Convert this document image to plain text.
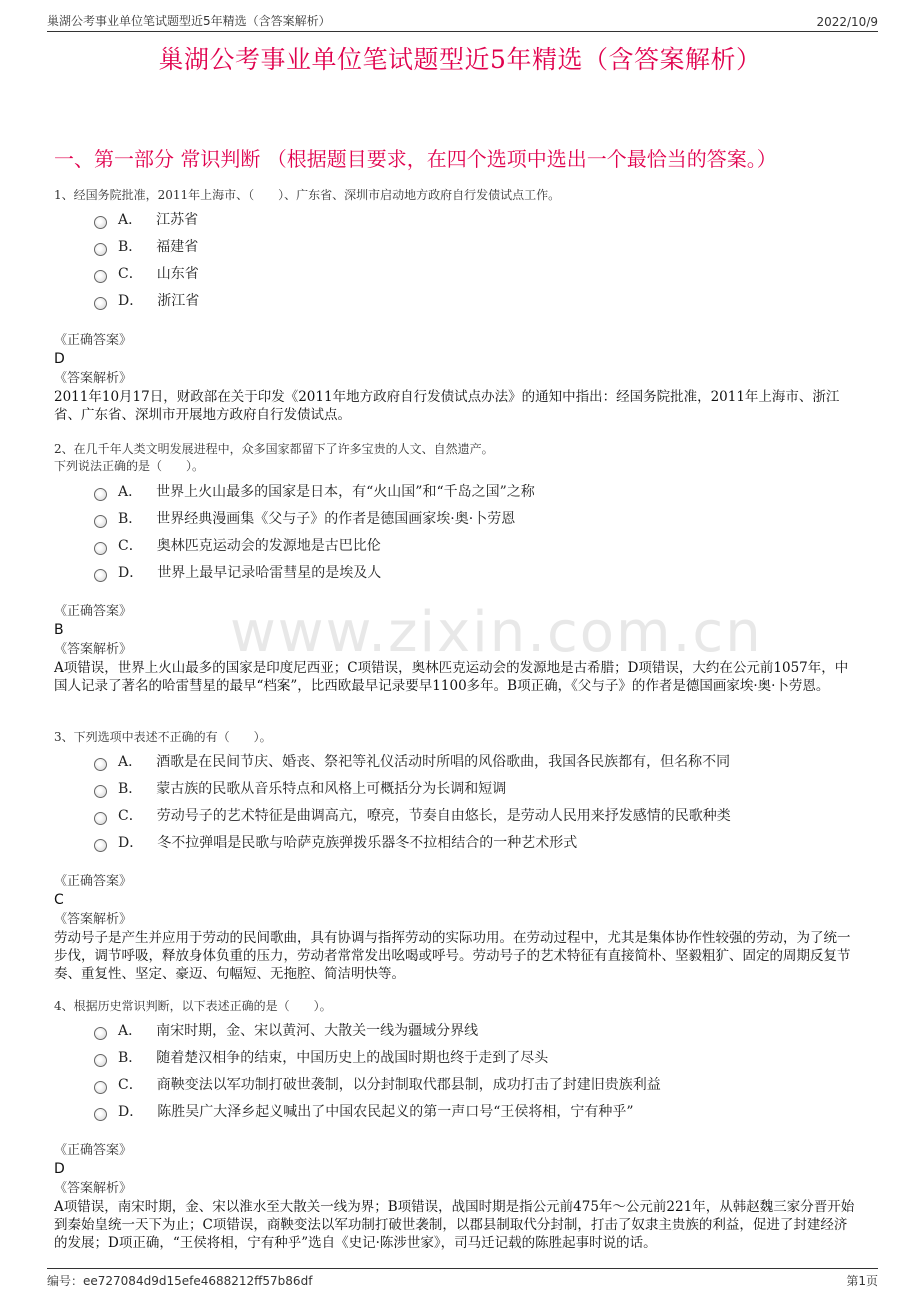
巢湖公考事业单位笔试题型近5年精选（含答案解析）	2022/10/9
巢湖公考事业单位笔试题型近5年精选（含答案解析）
一、第一部分 常识判断 （根据题目要求，在四个选项中选出一个最恰当的答案。）
www.zixin.com.cn
1、经国务院批准，2011年上海市、（　　）、广东省、深圳市启动地方政府自行发债试点工作。
A． 江苏省
B． 福建省
C． 山东省
D． 浙江省
《正确答案》
D
《答案解析》
2011年10月17日，财政部在关于印发《2011年地方政府自行发债试点办法》的通知中指出：经国务院批准，2011年上海市、浙江省、广东省、深圳市开展地方政府自行发债试点。
2、在几千年人类文明发展进程中，众多国家都留下了许多宝贵的人文、自然遗产。
下列说法正确的是（　　）。
A． 世界上火山最多的国家是日本，有“火山国”和“千岛之国”之称
B． 世界经典漫画集《父与子》的作者是德国画家埃·奥·卜劳恩
C． 奥林匹克运动会的发源地是古巴比伦
D． 世界上最早记录哈雷彗星的是埃及人
《正确答案》
B
《答案解析》
A项错误，世界上火山最多的国家是印度尼西亚；C项错误，奥林匹克运动会的发源地是古希腊；D项错误，大约在公元前1057年，中国人记录了著名的哈雷彗星的最早“档案”，比西欧最早记录要早1100多年。B项正确，《父与子》的作者是德国画家埃·奥·卜劳恩。
3、下列选项中表述不正确的有（　　）。
A． 酒歌是在民间节庆、婚丧、祭祀等礼仪活动时所唱的风俗歌曲，我国各民族都有，但名称不同
B． 蒙古族的民歌从音乐特点和风格上可概括分为长调和短调
C． 劳动号子的艺术特征是曲调高亢，嘹亮，节奏自由悠长，是劳动人民用来抒发感情的民歌种类
D． 冬不拉弹唱是民歌与哈萨克族弹拨乐器冬不拉相结合的一种艺术形式
《正确答案》
C
《答案解析》
劳动号子是产生并应用于劳动的民间歌曲，具有协调与指挥劳动的实际功用。在劳动过程中，尤其是集体协作性较强的劳动，为了统一步伐，调节呼吸，释放身体负重的压力，劳动者常常发出吆喝或呼号。劳动号子的艺术特征有直接简朴、坚毅粗犷、固定的周期反复节奏、重复性、坚定、豪迈、句幅短、无拖腔、简洁明快等。
4、根据历史常识判断，以下表述正确的是（　　）。
A． 南宋时期，金、宋以黄河、大散关一线为疆域分界线
B． 随着楚汉相争的结束，中国历史上的战国时期也终于走到了尽头
C． 商鞅变法以军功制打破世袭制，以分封制取代郡县制，成功打击了封建旧贵族利益
D． 陈胜吴广大泽乡起义喊出了中国农民起义的第一声口号“王侯将相，宁有种乎”
《正确答案》
D
《答案解析》
A项错误，南宋时期，金、宋以淮水至大散关一线为界；B项错误，战国时期是指公元前475年～公元前221年，从韩赵魏三家分晋开始到秦始皇统一天下为止；C项错误，商鞅变法以军功制打破世袭制，以郡县制取代分封制，打击了奴隶主贵族的利益，促进了封建经济的发展；D项正确，“王侯将相，宁有种乎”选自《史记·陈涉世家》，司马迁记载的陈胜起事时说的话。
编号：ee727084d9d15efe4688212ff57b86df	第1页
